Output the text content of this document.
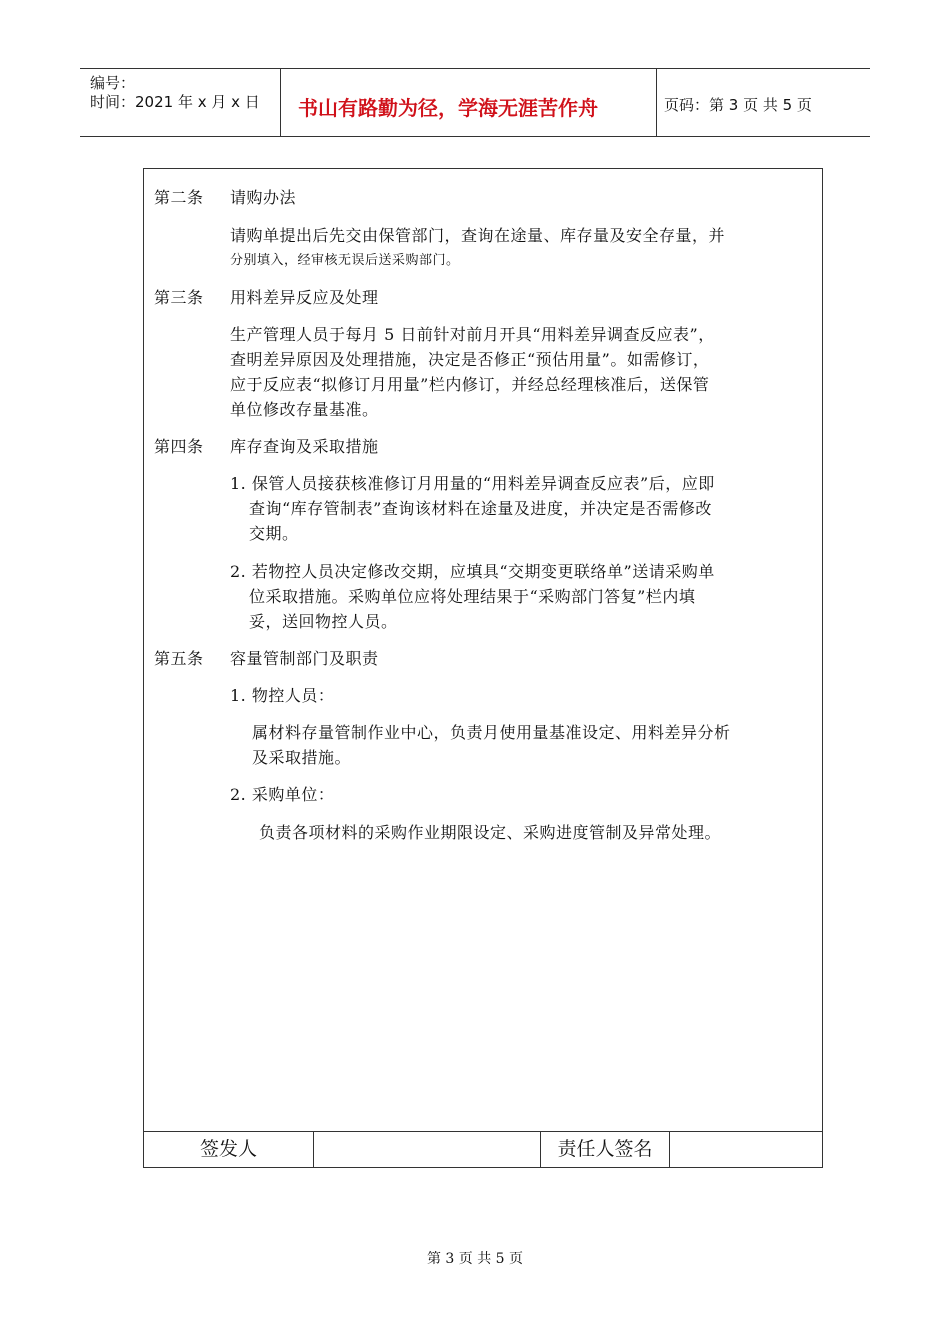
编号：
时间：2021 年 x 月 x 日 书山有路勤为径，学海无涯苦作舟	页码：第 3 页 共 5 页
第二条 请购办法
请购单提出后先交由保管部门，查询在途量、库存量及安全存量，并
分别填入，经审核无误后送采购部门。
第三条 用料差异反应及处理
生产管理人员于每月 5 日前针对前月开具“用料差异调查反应表”，
查明差异原因及处理措施，决定是否修正“预估用量”。如需修订，
应于反应表“拟修订月用量”栏内修订，并经总经理核准后，送保管
单位修改存量基准。
第四条 库存查询及采取措施
1. 保管人员接获核准修订月用量的“用料差异调查反应表”后，应即
查询“库存管制表”查询该材料在途量及进度，并决定是否需修改
交期。
2. 若物控人员决定修改交期，应填具“交期变更联络单”送请采购单
位采取措施。采购单位应将处理结果于“采购部门答复”栏内填
妥，送回物控人员。
第五条 容量管制部门及职责
1. 物控人员：
属材料存量管制作业中心，负责月使用量基准设定、用料差异分析
及采取措施。
2. 采购单位：
负责各项材料的采购作业期限设定、采购进度管制及异常处理。
签发人	责任人签名
第 3 页 共 5 页
